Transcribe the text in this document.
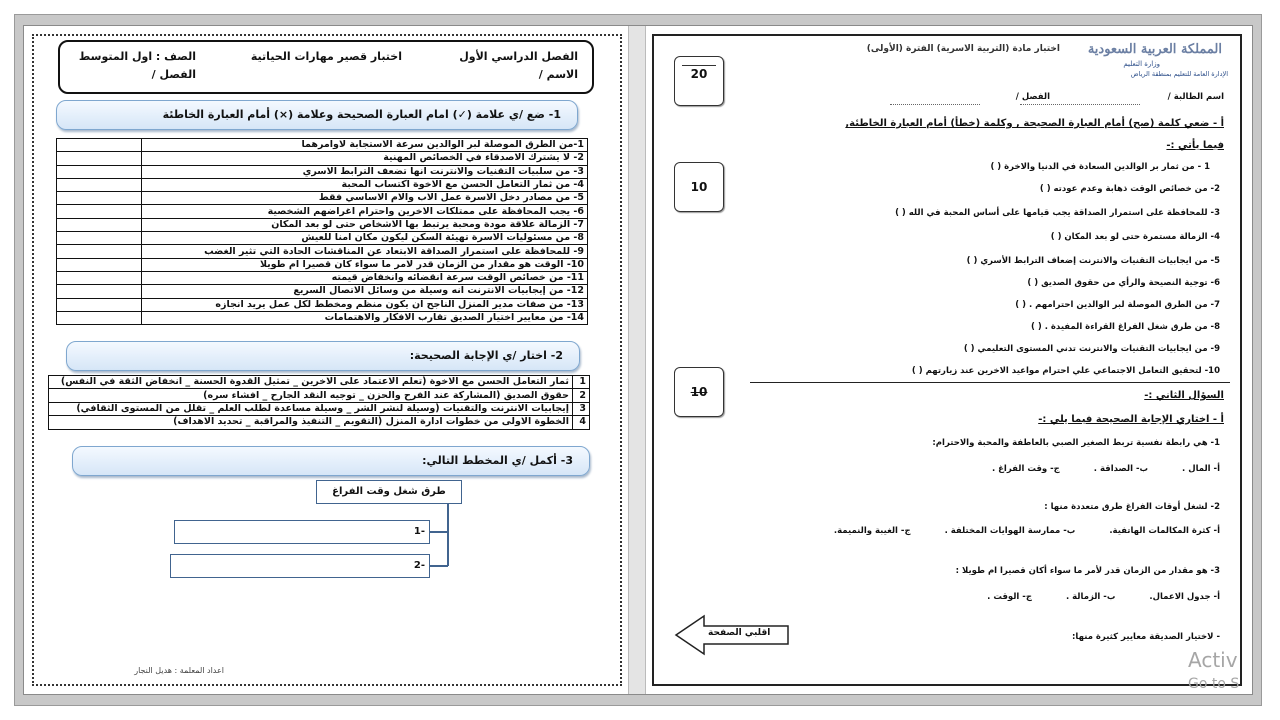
الفصل الدراسي الأول
اختبار قصير مهارات الحياتية
الصف : اول المتوسط
الاسم /
الفصل /
1- ضع /ي علامة (✓) امام العبارة الصحيحة وعلامة (×) أمام العبارة الخاطئة
1-من الطرق الموصلة لبر الوالدين سرعة الاستجابة لاوامرهما	
2- لا يشترك الاصدقاء في الخصائص المهنية	
3- من سلبيات التقنيات والانترنت انها تضعف الترابط الاسري	
4- من ثمار التعامل الحسن مع الاخوة اكتساب المحبة	
5- من مصادر دخل الاسرة عمل الاب والام الاساسي فقط	
6- يجب المحافظة على ممتلكات الاخرين واحترام اغراضهم الشخصية	
7- الزمالة علاقة مودة ومحبة يرتبط بها الاشخاص حتى لو بعد المكان	
8- من مسئوليات الاسرة تهيئة السكن ليكون مكان امنا للعيش	
9- للمحافظة على استمرار الصداقة الابتعاد عن المناقشات الحادة التي تثير الغضب	
10- الوقت هو مقدار من الزمان قدر لامر ما سواء كان قصيرا ام طويلا	
11- من خصائص الوقت سرعة انقضائه وانخفاض قيمته	
12- من إيجابيات الانترنت انه وسيلة من وسائل الاتصال السريع	
13- من صفات مدير المنزل الناجح ان يكون منظم ومخطط لكل عمل يريد انجازه	
14- من معايير اختيار الصديق تقارب الافكار والاهتمامات	
2- اختار /ي الإجابة الصحيحة:
1	ثمار التعامل الحسن مع الاخوة (تعلم الاعتماد على الاخرين _ تمثيل القدوة الحسنة _ انخفاض الثقة في النفس)
2	حقوق الصديق (المشاركة عند الفرح والحزن _ توجيه النقد الجارح _ افشاء سره)
3	إيجابيات الانترنت والتقنيات (وسيلة لنشر الشر _ وسيلة مساعدة لطلب العلم _ تقلل من المستوى الثقافي)
4	الخطوة الاولى من خطوات ادارة المنزل (التقويم _ التنفيذ والمراقبة _ تحديد الاهداف)
3- أكمل /ي المخطط التالي:
طرق شغل وقت الفراغ
-1
-2
اعداد المعلمة : هديل النجار
المملكة العربية السعودية
وزارة التعليم
الإدارة العامة للتعليم بمنطقة الرياض
اختبار مادة (التربية الاسرية) الفترة (الأولى)
اسم الطالبة /
الفصل /
20
أ - ضعي كلمة (صح) أمام العبارة الصحيحة , وكلمة (خطأ) أمام العبارة الخاطئة,
فيما يأتي :-
10
1 - من ثمار بر الوالدين السعادة في الدنيا والاخرة ( )
2- من خصائص الوقت ذهابة وعدم عودته ( )
3- للمحافظة على استمرار الصداقة يجب قيامها على أساس المحبة في الله ( )
4- الزمالة مستمرة حتى لو بعد المكان ( )
5- من ايجابيات التقنيات والانترنت إضعاف الترابط الأسري ( )
6- توجية النصيحة والرأي من حقوق الصديق ( )
7- من الطرق الموصلة لبر الوالدين احترامهم . ( )
8- من طرق شغل الفراغ القراءة المفيدة . ( )
9- من ايجابيات التقنيات والانترنت تدني المستوى التعليمي ( )
10- لتحقيق التعامل الاجتماعي علي احترام مواعيد الاخرين عند زيارتهم ( )
10	السؤال الثاني :-
أ - اختاري الإجابة الصحيحة فيما يلي :-
1- هي رابطة نفسية تربط الصغير الصبي بالعاطفة والمحبة والاحترام:
أ- المال .ب- الصداقة .ج- وقت الفراغ .
2- لشغل أوقات الفراغ طرق متعددة منها :
أ- كثرة المكالمات الهاتفية.ب- ممارسة الهوايات المختلفة .ج- الغيبة والنميمة.
3- هو مقدار من الزمان قدر لأمر ما سواء أكان قصيرا ام طويلا :
أ- جدول الاعمال.ب- الزمالة .ج- الوقت .
- لاختيار الصديقة معايير كثيرة منها:
اقلبي الصفحة
Activ
Go to S
